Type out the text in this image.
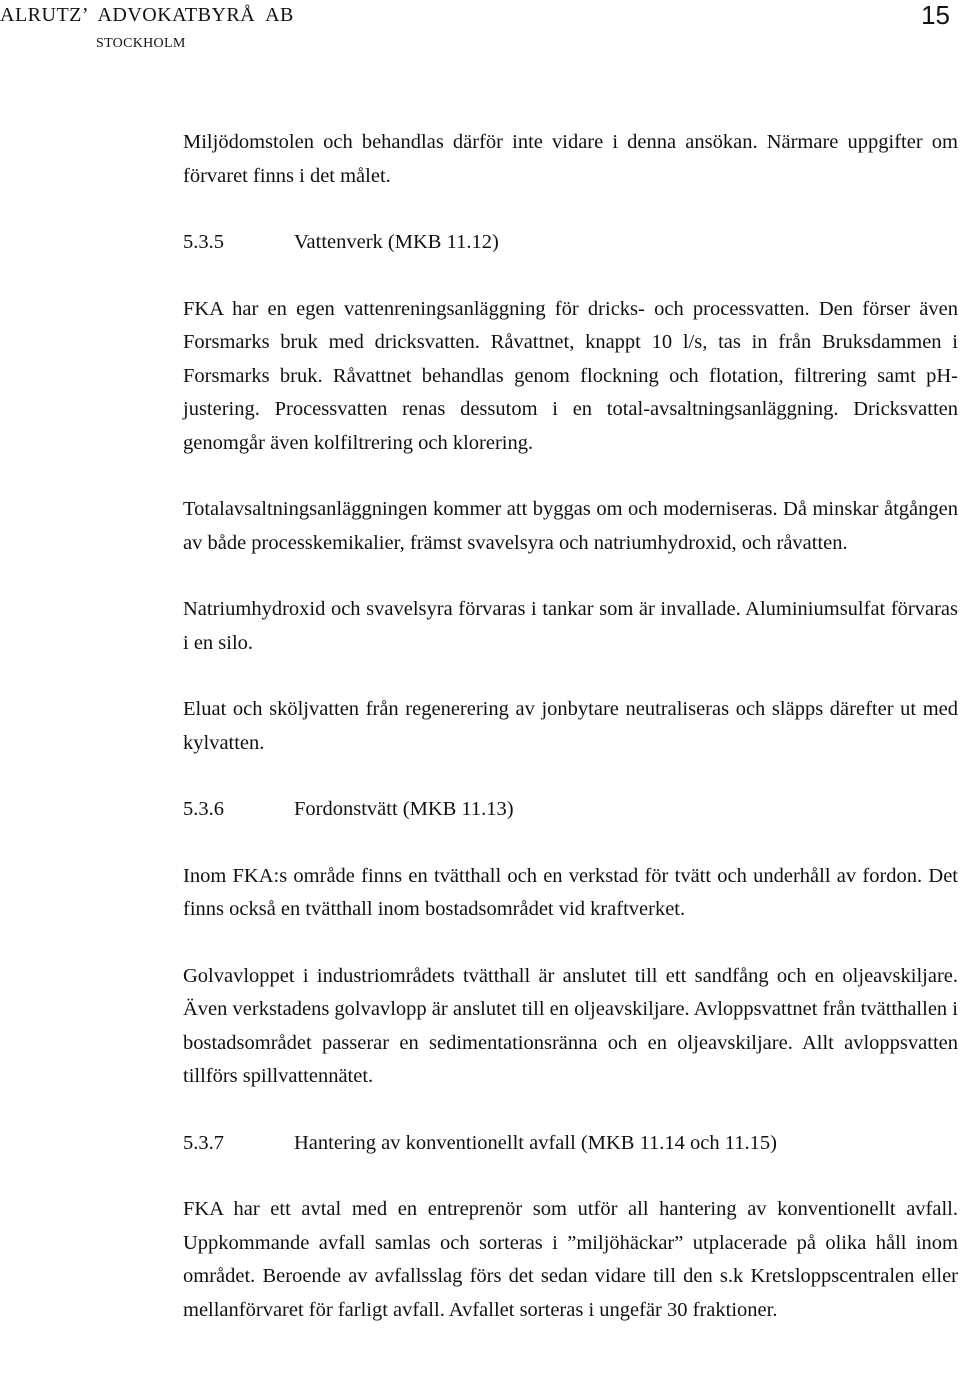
ALRUTZ’  ADVOKATBYRÅ  AB
STOCKHOLM
15

Miljödomstolen och behandlas därför inte vidare i denna ansökan. Närmare uppgifter om förvaret finns i det målet.

5.3.5	Vattenverk (MKB 11.12)

FKA har en egen vattenreningsanläggning för dricks- och processvatten. Den förser även Forsmarks bruk med dricksvatten. Råvattnet, knappt 10 l/s, tas in från Bruksdammen i Forsmarks bruk. Råvattnet behandlas genom flockning och flotation, filtrering samt pH-justering. Processvatten renas dessutom i en total-avsaltningsanläggning. Dricksvatten genomgår även kolfiltrering och klorering.

Totalavsaltningsanläggningen kommer att byggas om och moderniseras. Då minskar åtgången av både processkemikalier, främst svavelsyra och natriumhydroxid, och råvatten.

Natriumhydroxid och svavelsyra förvaras i tankar som är invallade. Aluminiumsulfat förvaras i en silo.

Eluat och sköljvatten från regenerering av jonbytare neutraliseras och släpps därefter ut med kylvatten.

5.3.6	Fordonstvätt (MKB 11.13)

Inom FKA:s område finns en tvätthall och en verkstad för tvätt och underhåll av fordon. Det finns också en tvätthall inom bostadsområdet vid kraftverket.

Golvavloppet i industriområdets tvätthall är anslutet till ett sandfång och en oljeavskiljare. Även verkstadens golvavlopp är anslutet till en oljeavskiljare. Avloppsvattnet från tvätthallen i bostadsområdet passerar en sedimentationsränna och en oljeavskiljare. Allt avloppsvatten tillförs spillvattennätet.

5.3.7	Hantering av konventionellt avfall (MKB 11.14 och 11.15)

FKA har ett avtal med en entreprenör som utför all hantering av konventionellt avfall. Uppkommande avfall samlas och sorteras i ”miljöhäckar” utplacerade på olika håll inom området. Beroende av avfallsslag förs det sedan vidare till den s.k Kretsloppscentralen eller mellanförvaret för farligt avfall. Avfallet sorteras i ungefär 30 fraktioner.
